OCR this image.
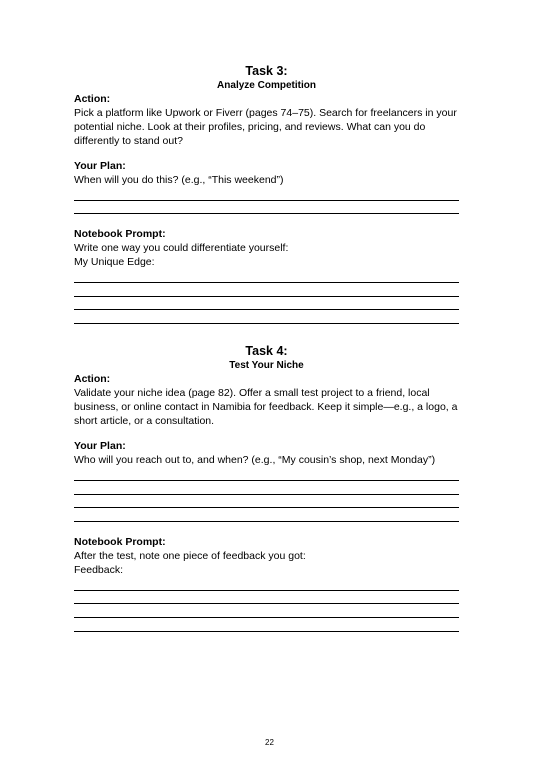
Task 3:

Analyze Competition

Action:

Pick a platform like Upwork or Fiverr (pages 74–75). Search for freelancers in your potential niche. Look at their profiles, pricing, and reviews. What can you do differently to stand out?

Your Plan:

When will you do this? (e.g., “This weekend”)

Notebook Prompt:

Write one way you could differentiate yourself:

My Unique Edge:

Task 4:

Test Your Niche

Action:

Validate your niche idea (page 82). Offer a small test project to a friend, local business, or online contact in Namibia for feedback. Keep it simple—e.g., a logo, a short article, or a consultation.

Your Plan:

Who will you reach out to, and when? (e.g., “My cousin’s shop, next Monday”)

Notebook Prompt:

After the test, note one piece of feedback you got:

Feedback:

22
